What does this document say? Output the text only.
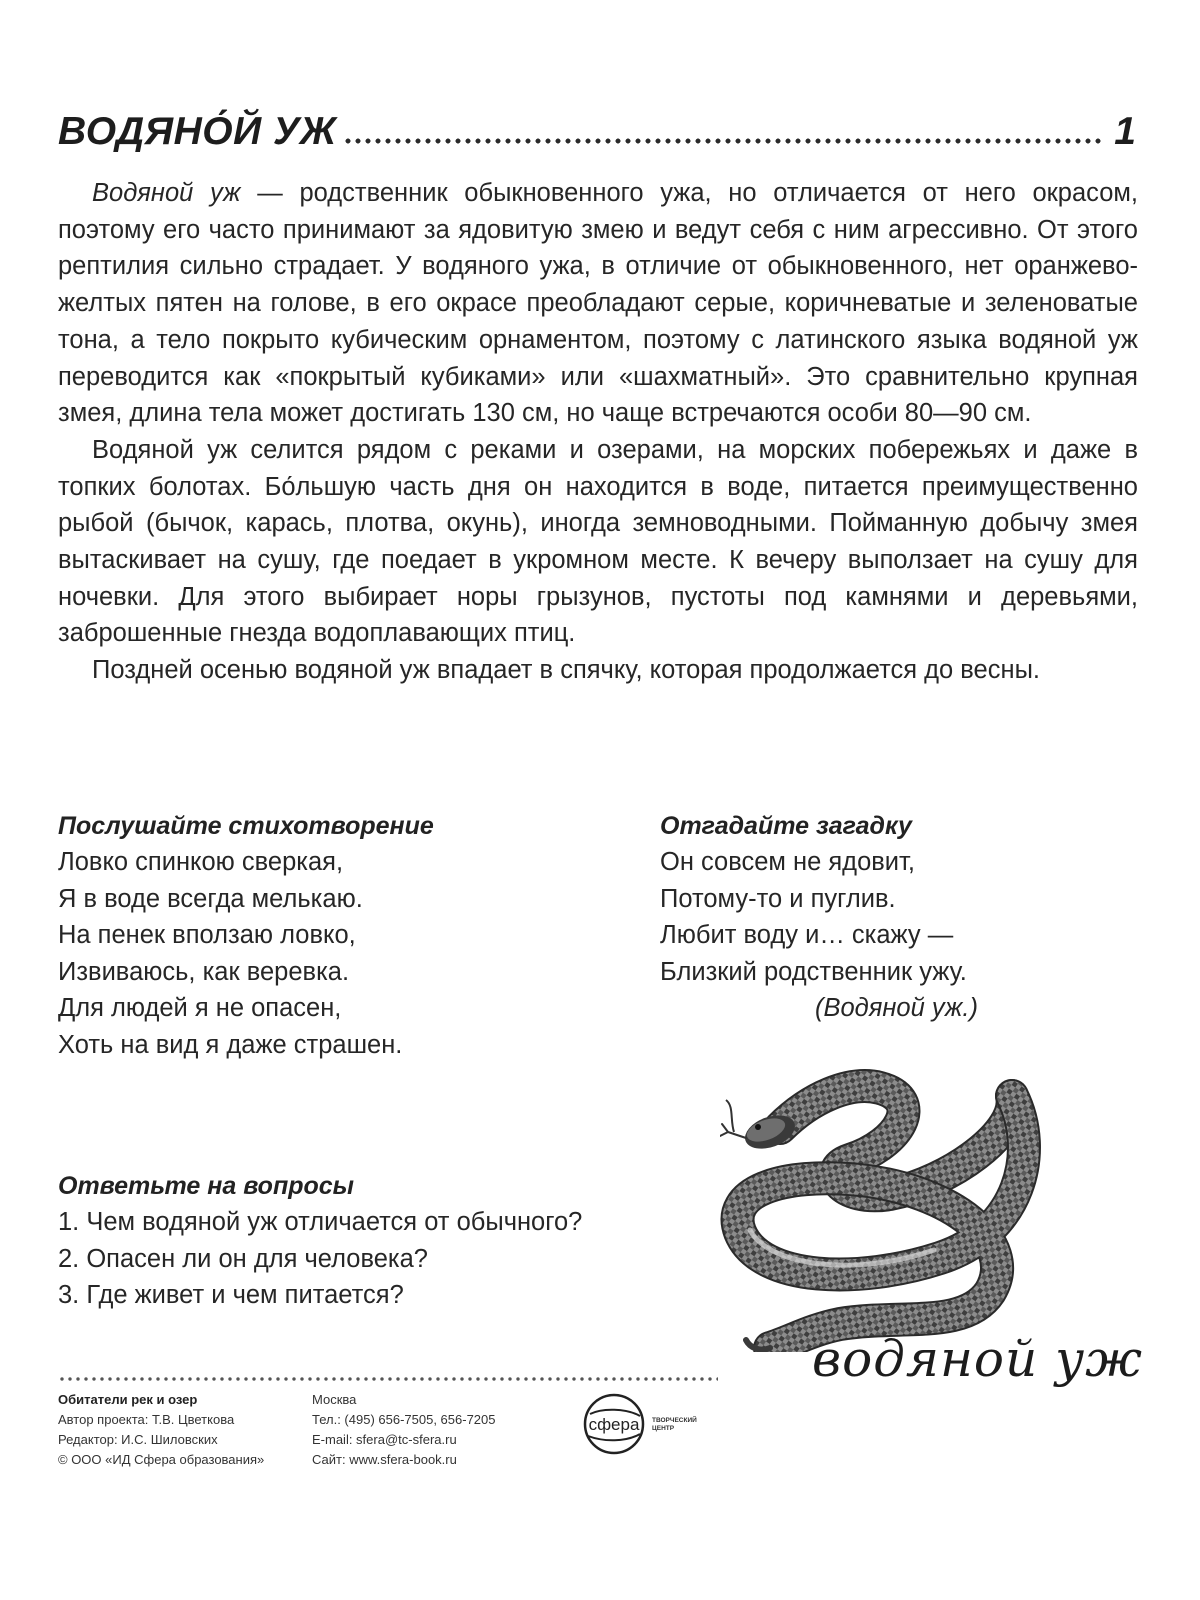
ВОДЯНО́Й УЖ	1

Водяной уж — родственник обыкновенного ужа, но отличается от него окрасом, поэтому его часто принимают за ядовитую змею и ведут себя с ним агрессивно. От этого рептилия сильно страдает. У водяного ужа, в отличие от обыкновенного, нет оранжево-желтых пятен на голове, в его окрасе преобладают серые, коричневатые и зеленоватые тона, а тело покрыто кубическим орнаментом, поэтому с латинского языка водяной уж переводится как «покрытый кубиками» или «шахматный». Это сравнительно крупная змея, длина тела может достигать 130 см, но чаще встречаются особи 80—90 см.

Водяной уж селится рядом с реками и озерами, на морских побережьях и даже в топких болотах. Бо́льшую часть дня он находится в воде, питается преимущественно рыбой (бычок, карась, плотва, окунь), иногда земноводными. Пойманную добычу змея вытаскивает на сушу, где поедает в укромном месте. К вечеру выползает на сушу для ночевки. Для этого выбирает норы грызунов, пустоты под камнями и деревьями, заброшенные гнезда водоплавающих птиц.

Поздней осенью водяной уж впадает в спячку, которая продолжается до весны.

Послушайте стихотворение
Ловко спинкою сверкая,
Я в воде всегда мелькаю.
На пенек вползаю ловко,
Извиваюсь, как веревка.
Для людей я не опасен,
Хоть на вид я даже страшен.
Отгадайте загадку
Он совсем не ядовит,
Потому-то и пуглив.
Любит воду и… скажу —
Близкий родственник ужу.
(Водяной уж.)
Ответьте на вопросы
1. Чем водяной уж отличается от обычного?
2. Опасен ли он для человека?
3. Где живет и чем питается?
водяной уж
Обитатели рек и озер
Автор проекта: Т.В. Цветкова
Редактор: И.С. Шиловских
© ООО «ИД Сфера образования»
Москва
Тел.: (495) 656-7505, 656-7205
E-mail: sfera@tc-sfera.ru
Сайт: www.sfera-book.ru
сфера ТВОРЧЕСКИЙ
ЦЕНТР
